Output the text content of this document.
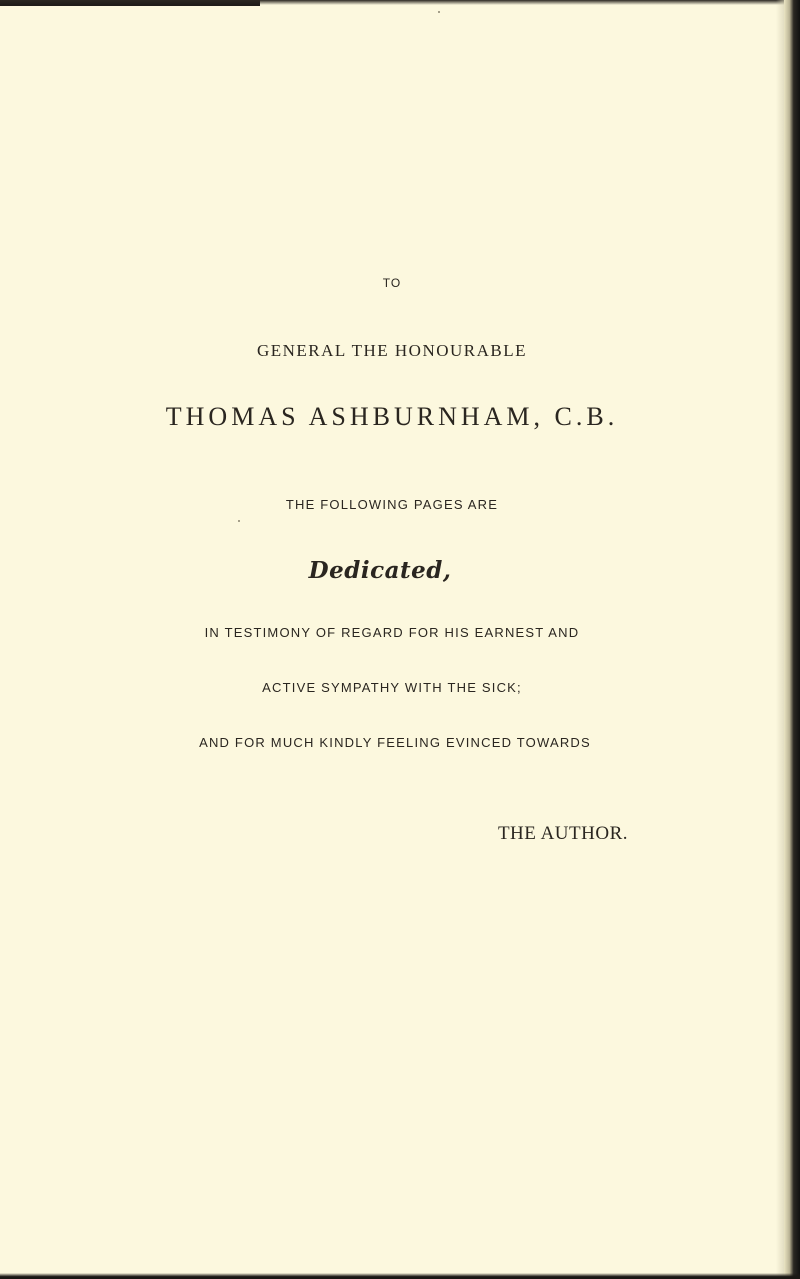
TO

GENERAL THE HONOURABLE

THOMAS ASHBURNHAM, C.B.

THE FOLLOWING PAGES ARE

Dedicated,

IN TESTIMONY OF REGARD FOR HIS EARNEST AND

ACTIVE SYMPATHY WITH THE SICK;

AND FOR MUCH KINDLY FEELING EVINCED TOWARDS

THE AUTHOR.
